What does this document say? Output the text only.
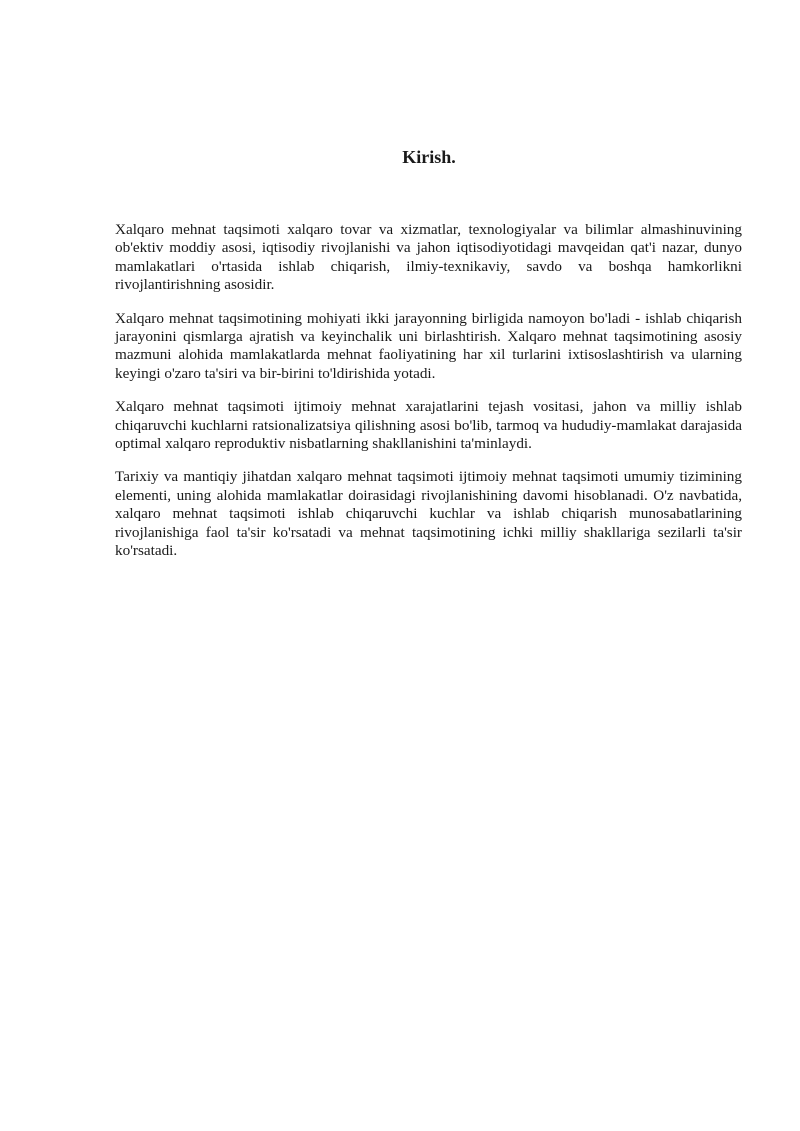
Kirish.

Xalqaro mehnat taqsimoti xalqaro tovar va xizmatlar, texnologiyalar va bilimlar almashinuvining ob'ektiv moddiy asosi, iqtisodiy rivojlanishi va jahon iqtisodiyotidagi mavqeidan qat'i nazar, dunyo mamlakatlari o'rtasida ishlab chiqarish, ilmiy-texnikaviy, savdo va boshqa hamkorlikni rivojlantirishning asosidir.

Xalqaro mehnat taqsimotining mohiyati ikki jarayonning birligida namoyon bo'ladi - ishlab chiqarish jarayonini qismlarga ajratish va keyinchalik uni birlashtirish. Xalqaro mehnat taqsimotining asosiy mazmuni alohida mamlakatlarda mehnat faoliyatining har xil turlarini ixtisoslashtirish va ularning keyingi o'zaro ta'siri va bir-birini to'ldirishida yotadi.

Xalqaro mehnat taqsimoti ijtimoiy mehnat xarajatlarini tejash vositasi, jahon va milliy ishlab chiqaruvchi kuchlarni ratsionalizatsiya qilishning asosi bo'lib, tarmoq va hududiy-mamlakat darajasida optimal xalqaro reproduktiv nisbatlarning shakllanishini ta'minlaydi.

Tarixiy va mantiqiy jihatdan xalqaro mehnat taqsimoti ijtimoiy mehnat taqsimoti umumiy tizimining elementi, uning alohida mamlakatlar doirasidagi rivojlanishining davomi hisoblanadi. O'z navbatida, xalqaro mehnat taqsimoti ishlab chiqaruvchi kuchlar va ishlab chiqarish munosabatlarining rivojlanishiga faol ta'sir ko'rsatadi va mehnat taqsimotining ichki milliy shakllariga sezilarli ta'sir ko'rsatadi.
